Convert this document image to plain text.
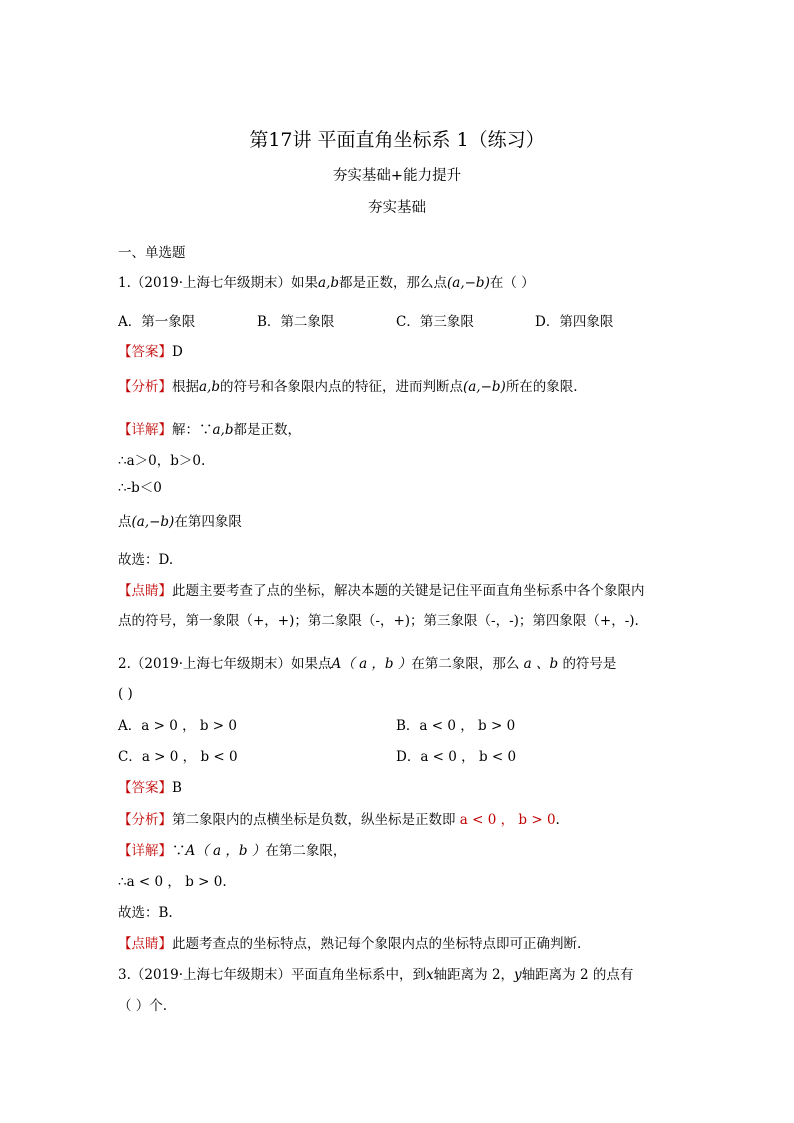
第17讲 平面直角坐标系 1（练习）
夯实基础+能力提升
夯实基础
一、单选题
1.（2019·上海七年级期末）如果a,b都是正数，那么点(a,−b)在（ ）
A．第一象限	B．第二象限	C．第三象限	D．第四象限
【答案】D
【分析】根据a,b的符号和各象限内点的特征，进而判断点(a,−b)所在的象限.
【详解】解：∵a,b都是正数，
∴a＞0，b＞0.
∴-b＜0
点(a,−b)在第四象限
故选：D.
【点睛】此题主要考查了点的坐标，解决本题的关键是记住平面直角坐标系中各个象限内
点的符号，第一象限（+，+)；第二象限（-，+)；第三象限（-，-)；第四象限（+，-).
2.（2019·上海七年级期末）如果点A（ a ，b ）在第二象限，那么 a 、b 的符号是
( )
A．a > 0 ， b > 0	B．a < 0 ， b > 0
C．a > 0 ， b < 0	D．a < 0 ， b < 0
【答案】B
【分析】第二象限内的点横坐标是负数，纵坐标是正数即 a < 0 ， b > 0.
【详解】∵A（ a ，b ）在第二象限，
∴a < 0 ， b > 0.
故选：B.
【点睛】此题考查点的坐标特点，熟记每个象限内点的坐标特点即可正确判断.
3.（2019·上海七年级期末）平面直角坐标系中，到x轴距离为 2，y轴距离为 2 的点有
（ ）个.
